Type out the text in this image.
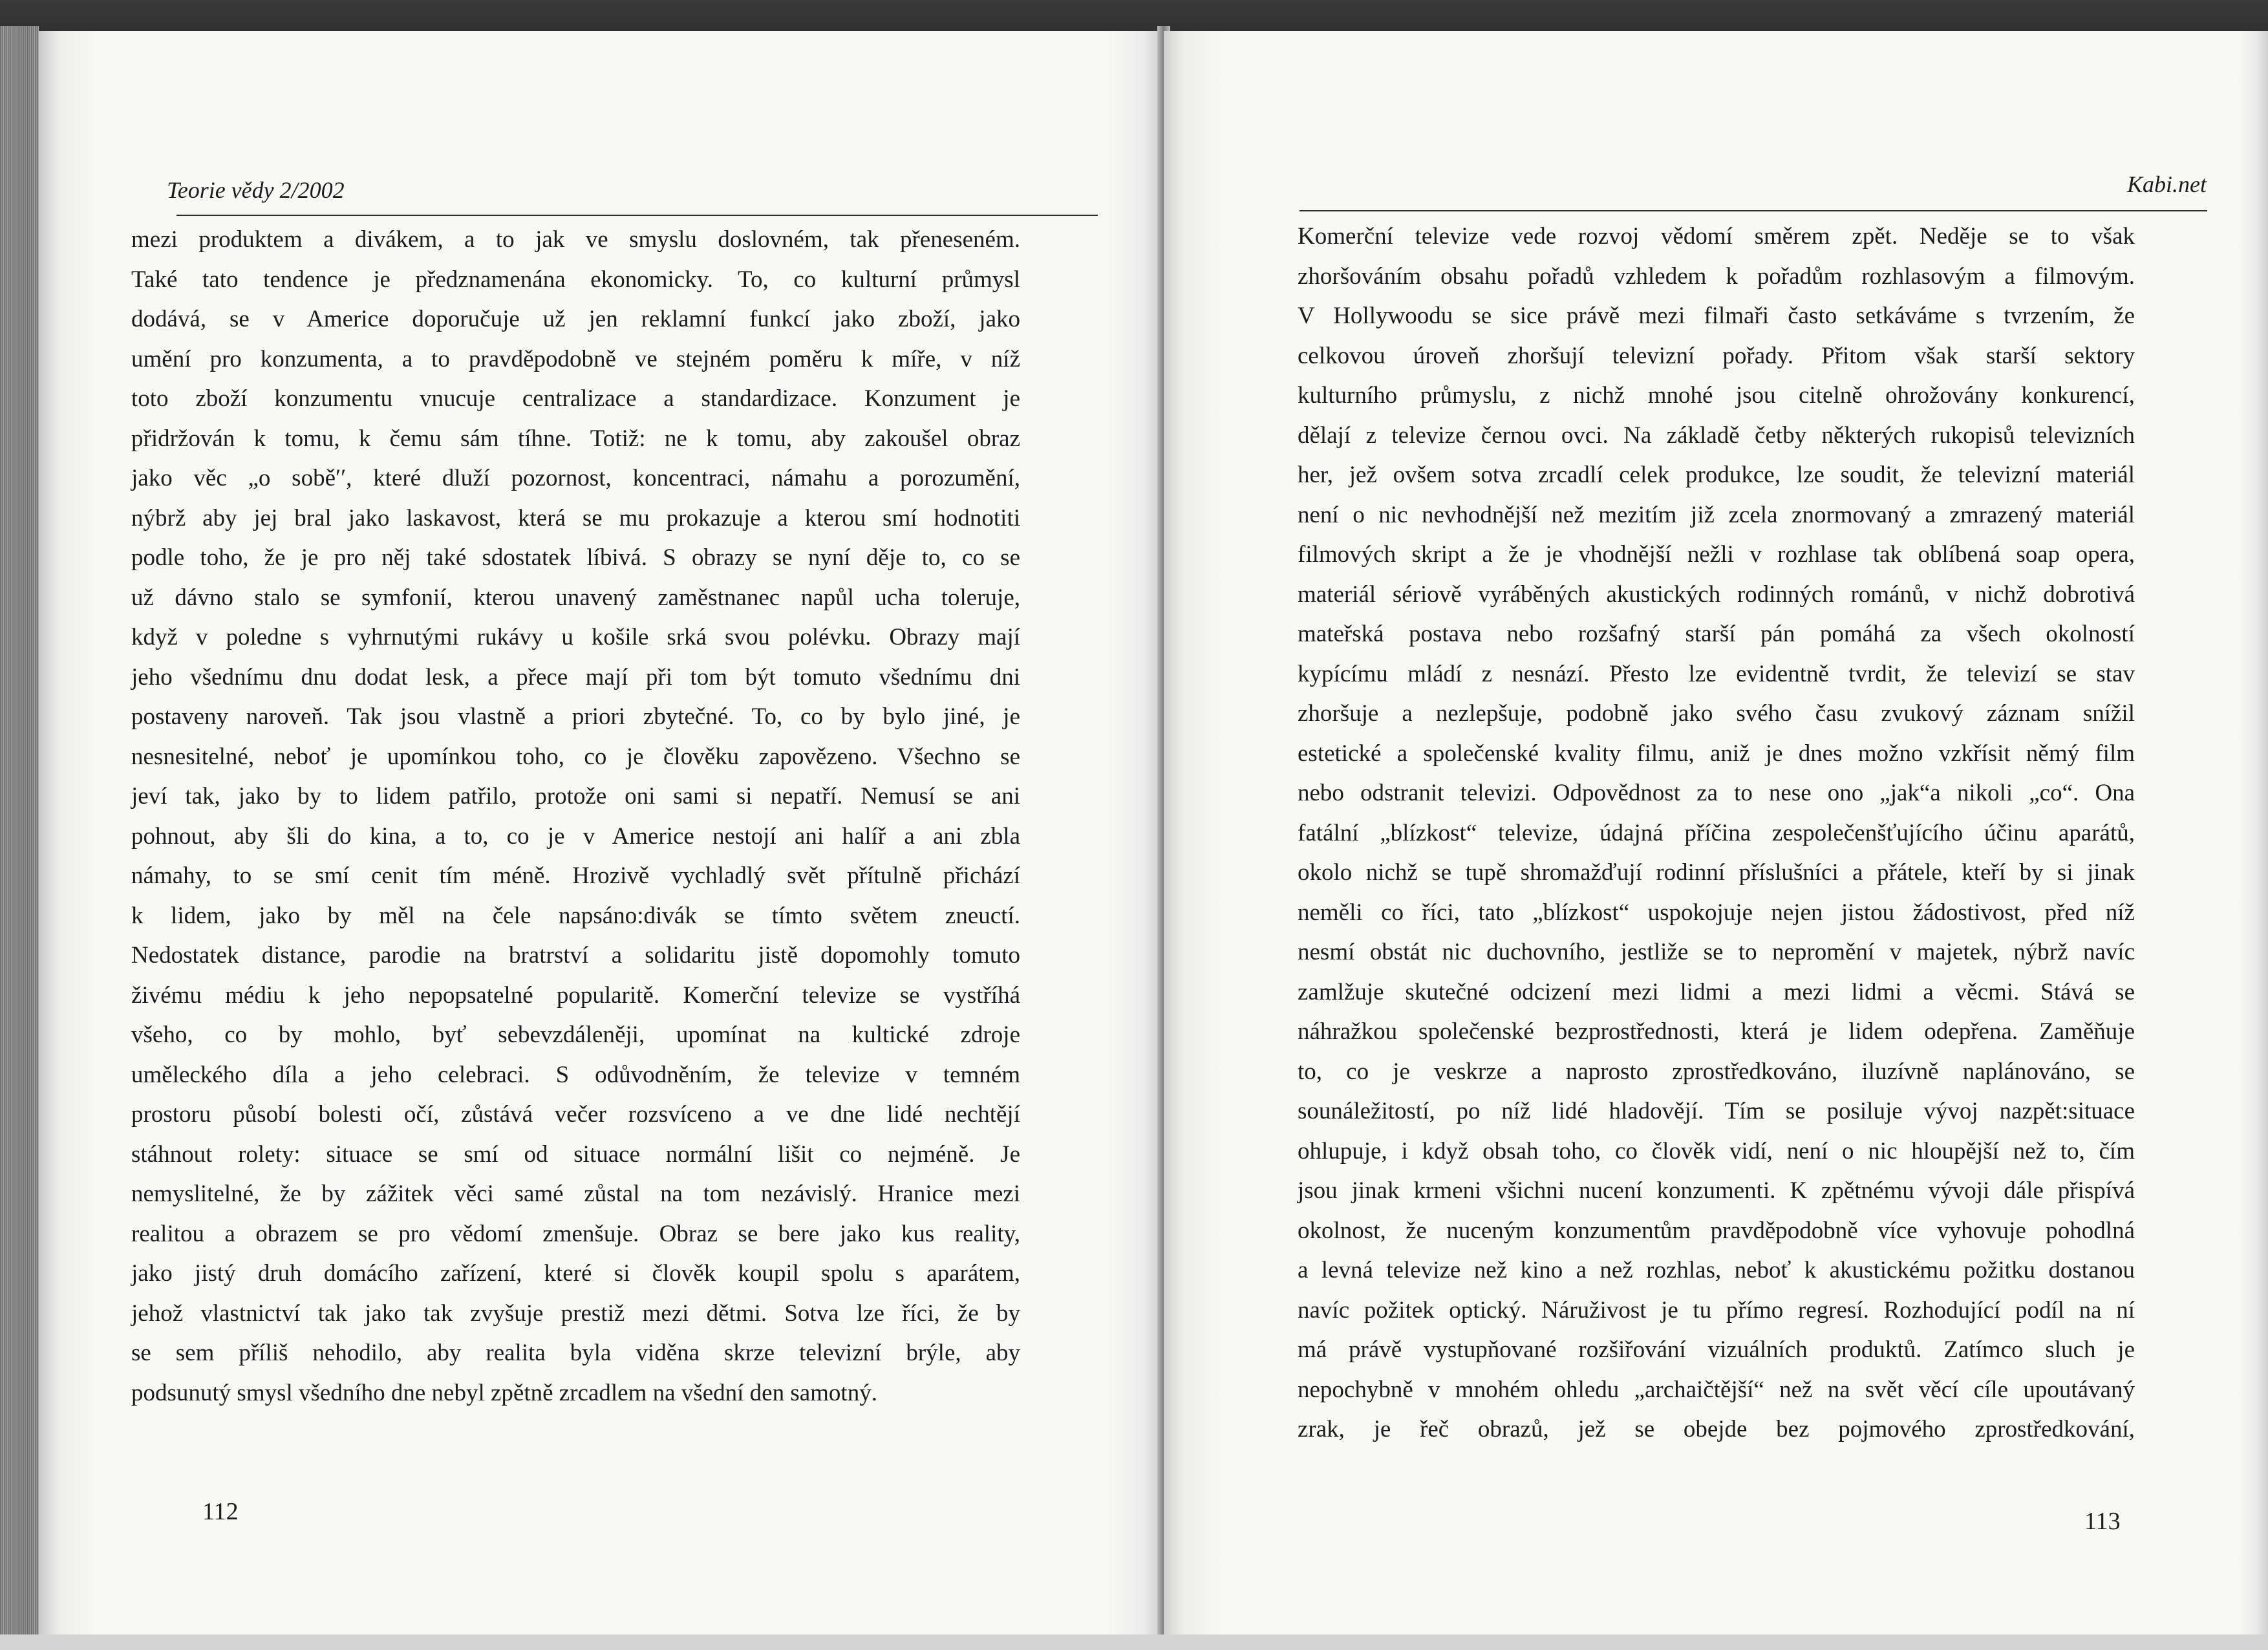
Teorie vědy 2/2002

mezi produktem a divákem, a to jak ve smyslu doslovném, tak přeneseném.

Také tato tendence je předznamenána ekonomicky. To, co kulturní průmysl

dodává, se v Americe doporučuje už jen reklamní funkcí jako zboží, jako

umění pro konzumenta, a to pravděpodobně ve stejném poměru k míře, v níž

toto zboží konzumentu vnucuje centralizace a standardizace. Konzument je

přidržován k tomu, k čemu sám tíhne. Totiž: ne k tomu, aby zakoušel obraz

jako věc „o sobě′′, které dluží pozornost, koncentraci, námahu a porozumění,

nýbrž aby jej bral jako laskavost, která se mu prokazuje a kterou smí hodnotiti

podle toho, že je pro něj také sdostatek líbivá. S obrazy se nyní děje to, co se

už dávno stalo se symfonií, kterou unavený zaměstnanec napůl ucha toleruje,

když v poledne s vyhrnutými rukávy u košile srká svou polévku. Obrazy mají

jeho všednímu dnu dodat lesk, a přece mají při tom být tomuto všednímu dni

postaveny naroveň. Tak jsou vlastně a priori zbytečné. To, co by bylo jiné, je

nesnesitelné, neboť je upomínkou toho, co je člověku zapovězeno. Všechno se

jeví tak, jako by to lidem patřilo, protože oni sami si nepatří. Nemusí se ani

pohnout, aby šli do kina, a to, co je v Americe nestojí ani halíř a ani zbla

námahy, to se smí cenit tím méně. Hrozivě vychladlý svět přítulně přichází

k lidem, jako by měl na čele napsáno:divák se tímto světem zneuctí.

Nedostatek distance, parodie na bratrství a solidaritu jistě dopomohly tomuto

živému médiu k jeho nepopsatelné popularitě. Komerční televize se vystříhá

všeho, co by mohlo, byť sebevzdáleněji, upomínat na kultické zdroje

uměleckého díla a jeho celebraci. S odůvodněním, že televize v temném

prostoru působí bolesti očí, zůstává večer rozsvíceno a ve dne lidé nechtějí

stáhnout rolety: situace se smí od situace normální lišit co nejméně. Je

nemyslitelné, že by zážitek věci samé zůstal na tom nezávislý. Hranice mezi

realitou a obrazem se pro vědomí zmenšuje. Obraz se bere jako kus reality,

jako jistý druh domácího zařízení, které si člověk koupil spolu s aparátem,

jehož vlastnictví tak jako tak zvyšuje prestiž mezi dětmi. Sotva lze říci, že by

se sem příliš nehodilo, aby realita byla viděna skrze televizní brýle, aby

podsunutý smysl všedního dne nebyl zpětně zrcadlem na všední den samotný.

112
Kabi.net

Komerční televize vede rozvoj vědomí směrem zpět. Neděje se to však

zhoršováním obsahu pořadů vzhledem k pořadům rozhlasovým a filmovým.

V Hollywoodu se sice právě mezi filmaři často setkáváme s tvrzením, že

celkovou úroveň zhoršují televizní pořady. Přitom však starší sektory

kulturního průmyslu, z nichž mnohé jsou citelně ohrožovány konkurencí,

dělají z televize černou ovci. Na základě četby některých rukopisů televizních

her, jež ovšem sotva zrcadlí celek produkce, lze soudit, že televizní materiál

není o nic nevhodnější než mezitím již zcela znormovaný a zmrazený materiál

filmových skript a že je vhodnější nežli v rozhlase tak oblíbená soap opera,

materiál sériově vyráběných akustických rodinných románů, v nichž dobrotivá

mateřská postava nebo rozšafný starší pán pomáhá za všech okolností

kypícímu mládí z nesnází. Přesto lze evidentně tvrdit, že televizí se stav

zhoršuje a nezlepšuje, podobně jako svého času zvukový záznam snížil

estetické a společenské kvality filmu, aniž je dnes možno vzkřísit němý film

nebo odstranit televizi. Odpovědnost za to nese ono „jak“a nikoli „co“. Ona

fatální „blízkost“ televize, údajná příčina zespolečenšťujícího účinu aparátů,

okolo nichž se tupě shromažďují rodinní příslušníci a přátele, kteří by si jinak

neměli co říci, tato „blízkost“ uspokojuje nejen jistou žádostivost, před níž

nesmí obstát nic duchovního, jestliže se to nepromění v majetek, nýbrž navíc

zamlžuje skutečné odcizení mezi lidmi a mezi lidmi a věcmi. Stává se

náhražkou společenské bezprostřednosti, která je lidem odepřena. Zaměňuje

to, co je veskrze a naprosto zprostředkováno, iluzívně naplánováno, se

sounáležitostí, po níž lidé hladovějí. Tím se posiluje vývoj nazpět:situace

ohlupuje, i když obsah toho, co člověk vidí, není o nic hloupější než to, čím

jsou jinak krmeni všichni nucení konzumenti. K zpětnému vývoji dále přispívá

okolnost, že nuceným konzumentům pravděpodobně více vyhovuje pohodlná

a levná televize než kino a než rozhlas, neboť k akustickému požitku dostanou

navíc požitek optický. Náruživost je tu přímo regresí. Rozhodující podíl na ní

má právě vystupňované rozšiřování vizuálních produktů. Zatímco sluch je

nepochybně v mnohém ohledu „archaičtější“ než na svět věcí cíle upoutávaný

zrak, je řeč obrazů, jež se obejde bez pojmového zprostředkování,

113
